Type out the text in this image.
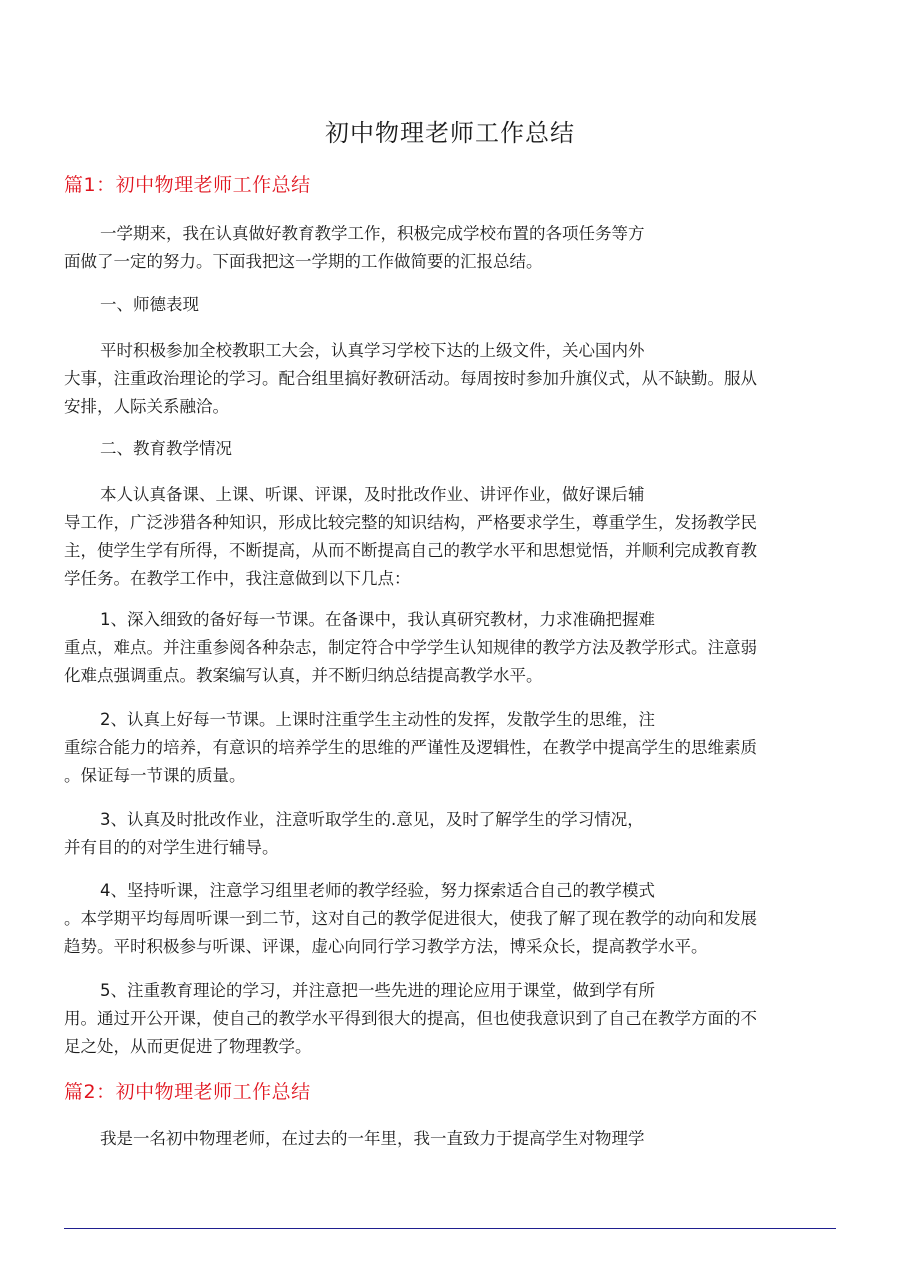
初中物理老师工作总结
篇1：初中物理老师工作总结
一学期来，我在认真做好教育教学工作，积极完成学校布置的各项任务等方
面做了一定的努力。下面我把这一学期的工作做简要的汇报总结。
一、师德表现
平时积极参加全校教职工大会，认真学习学校下达的上级文件，关心国内外
大事，注重政治理论的学习。配合组里搞好教研活动。每周按时参加升旗仪式，从不缺勤。服从
安排，人际关系融洽。
二、教育教学情况
本人认真备课、上课、听课、评课，及时批改作业、讲评作业，做好课后辅
导工作，广泛涉猎各种知识，形成比较完整的知识结构，严格要求学生，尊重学生，发扬教学民
主，使学生学有所得，不断提高，从而不断提高自己的教学水平和思想觉悟，并顺利完成教育教
学任务。在教学工作中，我注意做到以下几点：
1、深入细致的备好每一节课。在备课中，我认真研究教材，力求准确把握难
重点，难点。并注重参阅各种杂志，制定符合中学学生认知规律的教学方法及教学形式。注意弱
化难点强调重点。教案编写认真，并不断归纳总结提高教学水平。
2、认真上好每一节课。上课时注重学生主动性的发挥，发散学生的思维，注
重综合能力的培养，有意识的培养学生的思维的严谨性及逻辑性，在教学中提高学生的思维素质
。保证每一节课的质量。
3、认真及时批改作业，注意听取学生的.意见，及时了解学生的学习情况，
并有目的的对学生进行辅导。
4、坚持听课，注意学习组里老师的教学经验，努力探索适合自己的教学模式
。本学期平均每周听课一到二节，这对自己的教学促进很大，使我了解了现在教学的动向和发展
趋势。平时积极参与听课、评课，虚心向同行学习教学方法，博采众长，提高教学水平。
5、注重教育理论的学习，并注意把一些先进的理论应用于课堂，做到学有所
用。通过开公开课，使自己的教学水平得到很大的提高，但也使我意识到了自己在教学方面的不
足之处，从而更促进了物理教学。
篇2：初中物理老师工作总结
我是一名初中物理老师，在过去的一年里，我一直致力于提高学生对物理学
